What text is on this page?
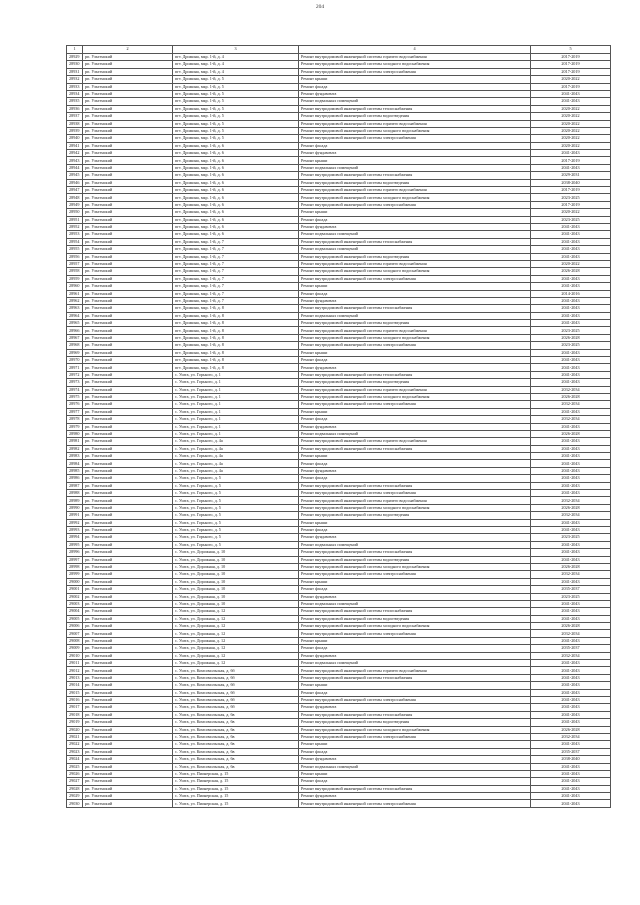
204
1	2	3	4	5
28929	рп. Ультенский	пгт. Дрожина, мкр. 1-й, д. 4	Ремонт внутридомовой инженерной системы горячего водоснабжения	2017-2019
28930	рп. Ультенский	пгт. Дрожина, мкр. 1-й, д. 4	Ремонт внутридомовой инженерной системы холодного водоснабжения	2017-2019
28931	рп. Ультенский	пгт. Дрожина, мкр. 1-й, д. 4	Ремонт внутридомовой инженерной системы электроснабжения	2017-2019
28932	рп. Ультенский	пгт. Дрожина, мкр. 1-й, д. 5	Ремонт крыши	2020-2022
28933	рп. Ультенский	пгт. Дрожина, мкр. 1-й, д. 5	Ремонт фасада	2017-2019
28934	рп. Ультенский	пгт. Дрожина, мкр. 1-й, д. 5	Ремонт фундамента	2041-2043
28935	рп. Ультенский	пгт. Дрожина, мкр. 1-й, д. 5	Ремонт подвальных помещений	2041-2043
28936	рп. Ультенский	пгт. Дрожина, мкр. 1-й, д. 5	Ремонт внутридомовой инженерной системы теплоснабжения	2020-2022
28937	рп. Ультенский	пгт. Дрожина, мкр. 1-й, д. 5	Ремонт внутридомовой инженерной системы водоотведения	2020-2022
28938	рп. Ультенский	пгт. Дрожина, мкр. 1-й, д. 5	Ремонт внутридомовой инженерной системы горячего водоснабжения	2020-2022
28939	рп. Ультенский	пгт. Дрожина, мкр. 1-й, д. 5	Ремонт внутридомовой инженерной системы холодного водоснабжения	2020-2022
28940	рп. Ультенский	пгт. Дрожина, мкр. 1-й, д. 5	Ремонт внутридомовой инженерной системы электроснабжения	2020-2022
28941	рп. Ультенский	пгт. Дрожина, мкр. 1-й, д. 6	Ремонт фасада	2020-2022
28942	рп. Ультенский	пгт. Дрожина, мкр. 1-й, д. 6	Ремонт фундамента	2041-2043
28943	рп. Ультенский	пгт. Дрожина, мкр. 1-й, д. 6	Ремонт крыши	2017-2019
28944	рп. Ультенский	пгт. Дрожина, мкр. 1-й, д. 6	Ремонт подвальных помещений	2041-2043
28945	рп. Ультенский	пгт. Дрожина, мкр. 1-й, д. 6	Ремонт внутридомовой инженерной системы теплоснабжения	2029-2031
28946	рп. Ультенский	пгт. Дрожина, мкр. 1-й, д. 6	Ремонт внутридомовой инженерной системы водоотведения	2038-2040
28947	рп. Ультенский	пгт. Дрожина, мкр. 1-й, д. 6	Ремонт внутридомовой инженерной системы горячего водоснабжения	2017-2019
28948	рп. Ультенский	пгт. Дрожина, мкр. 1-й, д. 6	Ремонт внутридомовой инженерной системы холодного водоснабжения	2023-2025
28949	рп. Ультенский	пгт. Дрожина, мкр. 1-й, д. 6	Ремонт внутридомовой инженерной системы электроснабжения	2017-2019
28950	рп. Ультенский	пгт. Дрожина, мкр. 1-й, д. 6	Ремонт крыши	2020-2022
28951	рп. Ультенский	пгт. Дрожина, мкр. 1-й, д. 6	Ремонт фасада	2023-2025
28952	рп. Ультенский	пгт. Дрожина, мкр. 1-й, д. 6	Ремонт фундамента	2041-2043
28953	рп. Ультенский	пгт. Дрожина, мкр. 1-й, д. 6	Ремонт подвальных помещений	2041-2043
28954	рп. Ультенский	пгт. Дрожина, мкр. 1-й, д. 7	Ремонт внутридомовой инженерной системы теплоснабжения	2041-2043
28955	рп. Ультенский	пгт. Дрожина, мкр. 1-й, д. 7	Ремонт подвальных помещений	2041-2043
28956	рп. Ультенский	пгт. Дрожина, мкр. 1-й, д. 7	Ремонт внутридомовой инженерной системы водоотведения	2041-2043
28957	рп. Ультенский	пгт. Дрожина, мкр. 1-й, д. 7	Ремонт внутридомовой инженерной системы горячего водоснабжения	2020-2022
28958	рп. Ультенский	пгт. Дрожина, мкр. 1-й, д. 7	Ремонт внутридомовой инженерной системы холодного водоснабжения	2026-2028
28959	рп. Ультенский	пгт. Дрожина, мкр. 1-й, д. 7	Ремонт внутридомовой инженерной системы электроснабжения	2041-2043
28960	рп. Ультенский	пгт. Дрожина, мкр. 1-й, д. 7	Ремонт крыши	2041-2043
28961	рп. Ультенский	пгт. Дрожина, мкр. 1-й, д. 7	Ремонт фасада	2014-2016
28962	рп. Ультенский	пгт. Дрожина, мкр. 1-й, д. 7	Ремонт фундамента	2041-2043
28963	рп. Ультенский	пгт. Дрожина, мкр. 1-й, д. 8	Ремонт внутридомовой инженерной системы теплоснабжения	2041-2043
28964	рп. Ультенский	пгт. Дрожина, мкр. 1-й, д. 8	Ремонт подвальных помещений	2041-2043
28965	рп. Ультенский	пгт. Дрожина, мкр. 1-й, д. 8	Ремонт внутридомовой инженерной системы водоотведения	2041-2043
28966	рп. Ультенский	пгт. Дрожина, мкр. 1-й, д. 8	Ремонт внутридомовой инженерной системы горячего водоснабжения	2023-2025
28967	рп. Ультенский	пгт. Дрожина, мкр. 1-й, д. 8	Ремонт внутридомовой инженерной системы холодного водоснабжения	2026-2028
28968	рп. Ультенский	пгт. Дрожина, мкр. 1-й, д. 8	Ремонт внутридомовой инженерной системы электроснабжения	2023-2025
28969	рп. Ультенский	пгт. Дрожина, мкр. 1-й, д. 8	Ремонт крыши	2041-2043
28970	рп. Ультенский	пгт. Дрожина, мкр. 1-й, д. 8	Ремонт фасада	2041-2043
28971	рп. Ультенский	пгт. Дрожина, мкр. 1-й, д. 8	Ремонт фундамента	2041-2043
28972	рп. Ультенский	с. Ушта, ул. Горького, д. 1	Ремонт внутридомовой инженерной системы теплоснабжения	2041-2043
28973	рп. Ультенский	с. Ушта, ул. Горького, д. 1	Ремонт внутридомовой инженерной системы водоотведения	2041-2043
28974	рп. Ультенский	с. Ушта, ул. Горького, д. 1	Ремонт внутридомовой инженерной системы горячего водоснабжения	2032-2034
28975	рп. Ультенский	с. Ушта, ул. Горького, д. 1	Ремонт внутридомовой инженерной системы холодного водоснабжения	2026-2028
28976	рп. Ультенский	с. Ушта, ул. Горького, д. 1	Ремонт внутридомовой инженерной системы электроснабжения	2032-2034
28977	рп. Ультенский	с. Ушта, ул. Горького, д. 1	Ремонт крыши	2041-2043
28978	рп. Ультенский	с. Ушта, ул. Горького, д. 1	Ремонт фасада	2032-2034
28979	рп. Ультенский	с. Ушта, ул. Горького, д. 1	Ремонт фундамента	2041-2043
28980	рп. Ультенский	с. Ушта, ул. Горького, д. 1	Ремонт подвальных помещений	2026-2028
28981	рп. Ультенский	с. Ушта, ул. Горького, д. 4а	Ремонт внутридомовой инженерной системы горячего водоснабжения	2041-2043
28982	рп. Ультенский	с. Ушта, ул. Горького, д. 4а	Ремонт внутридомовой инженерной системы теплоснабжения	2041-2043
28983	рп. Ультенский	с. Ушта, ул. Горького, д. 4а	Ремонт крыши	2041-2043
28984	рп. Ультенский	с. Ушта, ул. Горького, д. 4а	Ремонт фасада	2041-2043
28985	рп. Ультенский	с. Ушта, ул. Горького, д. 4а	Ремонт фундамента	2041-2043
28986	рп. Ультенский	с. Ушта, ул. Горького, д. 5	Ремонт фасада	2041-2043
28987	рп. Ультенский	с. Ушта, ул. Горького, д. 5	Ремонт внутридомовой инженерной системы теплоснабжения	2041-2043
28988	рп. Ультенский	с. Ушта, ул. Горького, д. 5	Ремонт внутридомовой инженерной системы электроснабжения	2041-2043
28989	рп. Ультенский	с. Ушта, ул. Горького, д. 5	Ремонт внутридомовой инженерной системы горячего водоснабжения	2032-2034
28990	рп. Ультенский	с. Ушта, ул. Горького, д. 5	Ремонт внутридомовой инженерной системы холодного водоснабжения	2026-2028
28991	рп. Ультенский	с. Ушта, ул. Горького, д. 5	Ремонт внутридомовой инженерной системы водоотведения	2032-2034
28992	рп. Ультенский	с. Ушта, ул. Горького, д. 5	Ремонт крыши	2041-2043
28993	рп. Ультенский	с. Ушта, ул. Горького, д. 5	Ремонт фасада	2041-2043
28994	рп. Ультенский	с. Ушта, ул. Горького, д. 5	Ремонт фундамента	2023-2025
28995	рп. Ультенский	с. Ушта, ул. Горького, д. 5	Ремонт подвальных помещений	2041-2043
28996	рп. Ультенский	с. Ушта, ул. Дорожная, д. 10	Ремонт внутридомовой инженерной системы теплоснабжения	2041-2043
28997	рп. Ультенский	с. Ушта, ул. Дорожная, д. 10	Ремонт внутридомовой инженерной системы водоотведения	2041-2043
28998	рп. Ультенский	с. Ушта, ул. Дорожная, д. 10	Ремонт внутридомовой инженерной системы холодного водоснабжения	2026-2028
28999	рп. Ультенский	с. Ушта, ул. Дорожная, д. 10	Ремонт внутридомовой инженерной системы электроснабжения	2032-2034
29000	рп. Ультенский	с. Ушта, ул. Дорожная, д. 10	Ремонт крыши	2041-2043
29001	рп. Ультенский	с. Ушта, ул. Дорожная, д. 10	Ремонт фасада	2035-2037
29002	рп. Ультенский	с. Ушта, ул. Дорожная, д. 10	Ремонт фундамента	2023-2025
29003	рп. Ультенский	с. Ушта, ул. Дорожная, д. 10	Ремонт подвальных помещений	2041-2043
29004	рп. Ультенский	с. Ушта, ул. Дорожная, д. 12	Ремонт внутридомовой инженерной системы теплоснабжения	2041-2043
29005	рп. Ультенский	с. Ушта, ул. Дорожная, д. 12	Ремонт внутридомовой инженерной системы водоотведения	2041-2043
29006	рп. Ультенский	с. Ушта, ул. Дорожная, д. 12	Ремонт внутридомовой инженерной системы холодного водоснабжения	2026-2028
29007	рп. Ультенский	с. Ушта, ул. Дорожная, д. 12	Ремонт внутридомовой инженерной системы электроснабжения	2032-2034
29008	рп. Ультенский	с. Ушта, ул. Дорожная, д. 12	Ремонт крыши	2041-2043
29009	рп. Ультенский	с. Ушта, ул. Дорожная, д. 12	Ремонт фасада	2035-2037
29010	рп. Ультенский	с. Ушта, ул. Дорожная, д. 12	Ремонт фундамента	2032-2034
29011	рп. Ультенский	с. Ушта, ул. Дорожная, д. 12	Ремонт подвальных помещений	2041-2043
29012	рп. Ультенский	с. Ушта, ул. Комсомольская, д. 6б	Ремонт внутридомовой инженерной системы горячего водоснабжения	2041-2043
29013	рп. Ультенский	с. Ушта, ул. Комсомольская, д. 6б	Ремонт внутридомовой инженерной системы теплоснабжения	2041-2043
29014	рп. Ультенский	с. Ушта, ул. Комсомольская, д. 6б	Ремонт крыши	2041-2043
29015	рп. Ультенский	с. Ушта, ул. Комсомольская, д. 6б	Ремонт фасада	2041-2043
29016	рп. Ультенский	с. Ушта, ул. Комсомольская, д. 6б	Ремонт внутридомовой инженерной системы электроснабжения	2041-2043
29017	рп. Ультенский	с. Ушта, ул. Комсомольская, д. 6б	Ремонт фундамента	2041-2043
29018	рп. Ультенский	с. Ушта, ул. Комсомольская, д. 6в	Ремонт внутридомовой инженерной системы теплоснабжения	2041-2043
29019	рп. Ультенский	с. Ушта, ул. Комсомольская, д. 6в	Ремонт внутридомовой инженерной системы водоотведения	2041-2043
29020	рп. Ультенский	с. Ушта, ул. Комсомольская, д. 6в	Ремонт внутридомовой инженерной системы холодного водоснабжения	2026-2028
29021	рп. Ультенский	с. Ушта, ул. Комсомольская, д. 6в	Ремонт внутридомовой инженерной системы электроснабжения	2032-2034
29022	рп. Ультенский	с. Ушта, ул. Комсомольская, д. 6в	Ремонт крыши	2041-2043
29023	рп. Ультенский	с. Ушта, ул. Комсомольская, д. 6в	Ремонт фасада	2035-2037
29024	рп. Ультенский	с. Ушта, ул. Комсомольская, д. 6в	Ремонт фундамента	2038-2040
29025	рп. Ультенский	с. Ушта, ул. Комсомольская, д. 6в	Ремонт подвальных помещений	2041-2043
29026	рп. Ультенский	с. Ушта, ул. Пионерская, д. 15	Ремонт крыши	2041-2043
29027	рп. Ультенский	с. Ушта, ул. Пионерская, д. 15	Ремонт фасада	2041-2043
29028	рп. Ультенский	с. Ушта, ул. Пионерская, д. 15	Ремонт внутридомовой инженерной системы теплоснабжения	2041-2043
29029	рп. Ультенский	с. Ушта, ул. Пионерская, д. 15	Ремонт фундамента	2041-2043
29030	рп. Ультенский	с. Ушта, ул. Пионерская, д. 15	Ремонт внутридомовой инженерной системы электроснабжения	2041-2043
